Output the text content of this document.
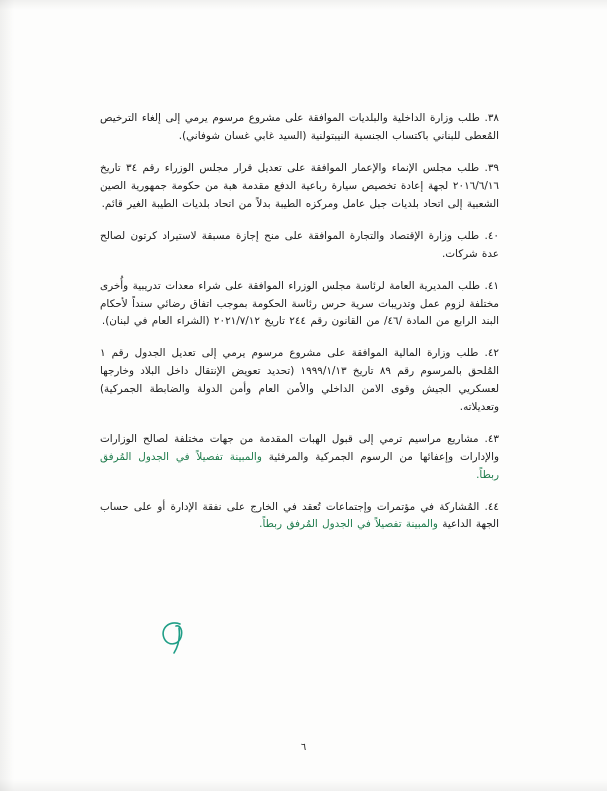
٣٨. طلب وزارة الداخلية والبلديات الموافقة على مشروع مرسوم يرمي إلى إلغاء الترخيص المُعطى للبناني باكتساب الجنسية النيبتولنية (السيد غابي غسان شوفاني).

٣٩. طلب مجلس الإنماء والإعمار الموافقة على تعديل قرار مجلس الوزراء رقم ٣٤ تاريخ ٢٠١٦/٦/١٦ لجهة إعادة تخصيص سيارة رباعية الدفع مقدمة هبة من حكومة جمهورية الصين الشعبية إلى اتحاد بلديات جبل عامل ومركزه الطيبة بدلاً من اتحاد بلديات الطيبة الغير قائم.

٤٠. طلب وزارة الإقتصاد والتجارة الموافقة على منح إجازة مسبقة لاستيراد كرتون لصالح عدة شركات.

٤١. طلب المديرية العامة لرئاسة مجلس الوزراء الموافقة على شراء معدات تدريبية وأُخرى مختلفة لزوم عمل وتدريبات سرية حرس رئاسة الحكومة بموجب اتفاق رضائي سنداً لأحكام البند الرابع من المادة /٤٦/ من القانون رقم ٢٤٤ تاريخ ٢٠٢١/٧/١٢ (الشراء العام في لبنان).

٤٢. طلب وزارة المالية الموافقة على مشروع مرسوم يرمي إلى تعديل الجدول رقم ١ المُلحق بالمرسوم رقم ٨٩ تاريخ ١٩٩٩/١/١٣ (تحديد تعويض الإنتقال داخل البلاد وخارجها لعسكريي الجيش وقوى الامن الداخلي والأمن العام وأمن الدولة والضابطة الجمركية) وتعديلاته.

٤٣. مشاريع مراسيم ترمي إلى قبول الهبات المقدمة من جهات مختلفة لصالح الوزارات والإدارات وإعفائها من الرسوم الجمركية والمرفئية والمبينة تفصيلاً في الجدول المُرفق ربطاً.

٤٤. المُشاركة في مؤتمرات وإجتماعات تُعقد في الخارج على نفقة الإدارة أو على حساب الجهة الداعية والمبينة تفصيلاً في الجدول المُرفق ربطاً.

٦
